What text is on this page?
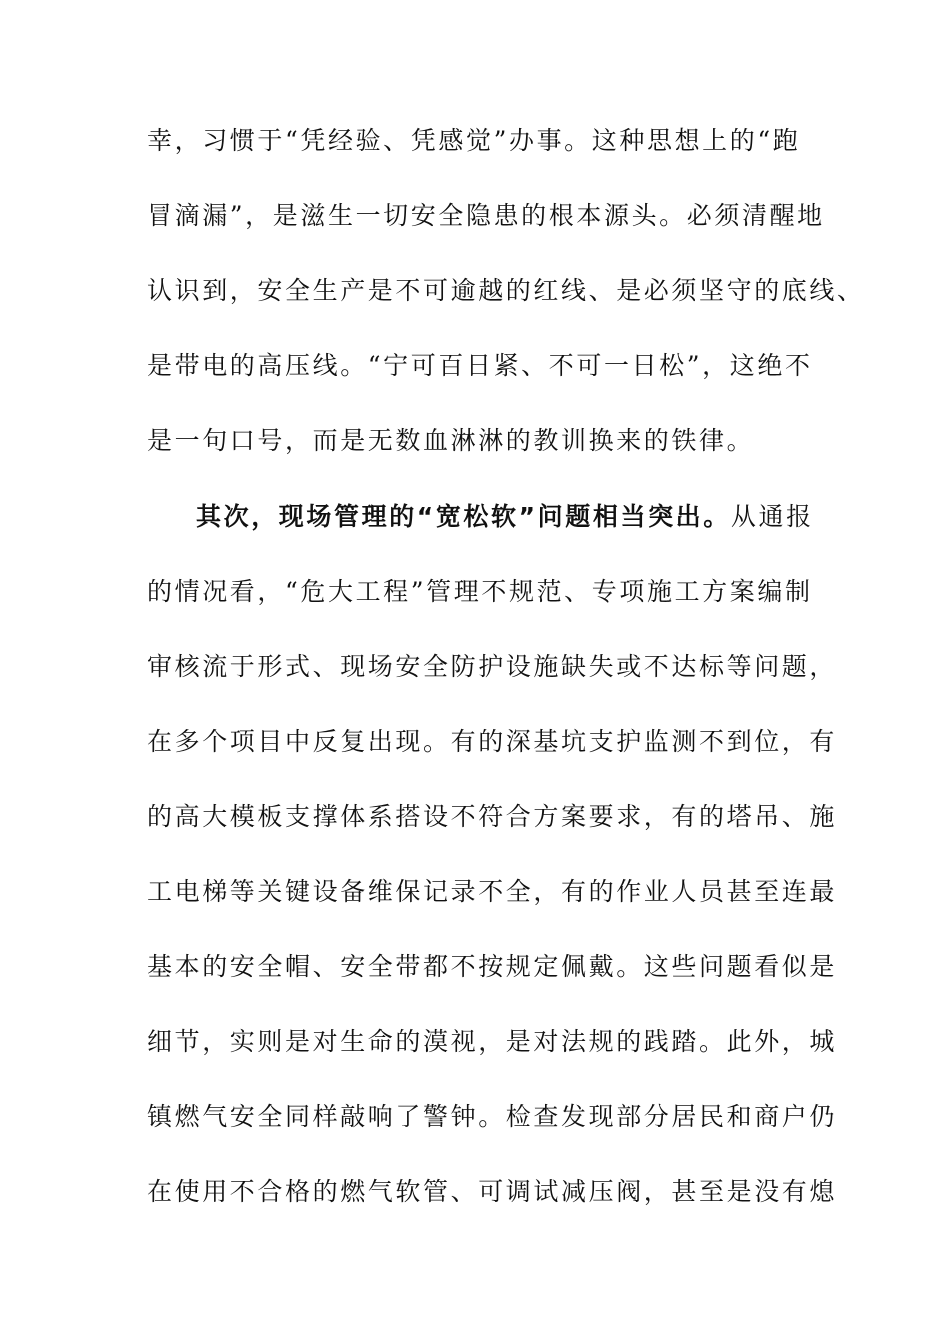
幸，习惯于“凭经验、凭感觉”办事。这种思想上的“跑
冒滴漏”，是滋生一切安全隐患的根本源头。必须清醒地
认识到，安全生产是不可逾越的红线、是必须坚守的底线、
是带电的高压线。“宁可百日紧、不可一日松”，这绝不
是一句口号，而是无数血淋淋的教训换来的铁律。
其次，现场管理的“宽松软”问题相当突出。从通报
的情况看，“危大工程”管理不规范、专项施工方案编制
审核流于形式、现场安全防护设施缺失或不达标等问题，
在多个项目中反复出现。有的深基坑支护监测不到位，有
的高大模板支撑体系搭设不符合方案要求，有的塔吊、施
工电梯等关键设备维保记录不全，有的作业人员甚至连最
基本的安全帽、安全带都不按规定佩戴。这些问题看似是
细节，实则是对生命的漠视，是对法规的践踏。此外，城
镇燃气安全同样敲响了警钟。检查发现部分居民和商户仍
在使用不合格的燃气软管、可调试减压阀，甚至是没有熄
